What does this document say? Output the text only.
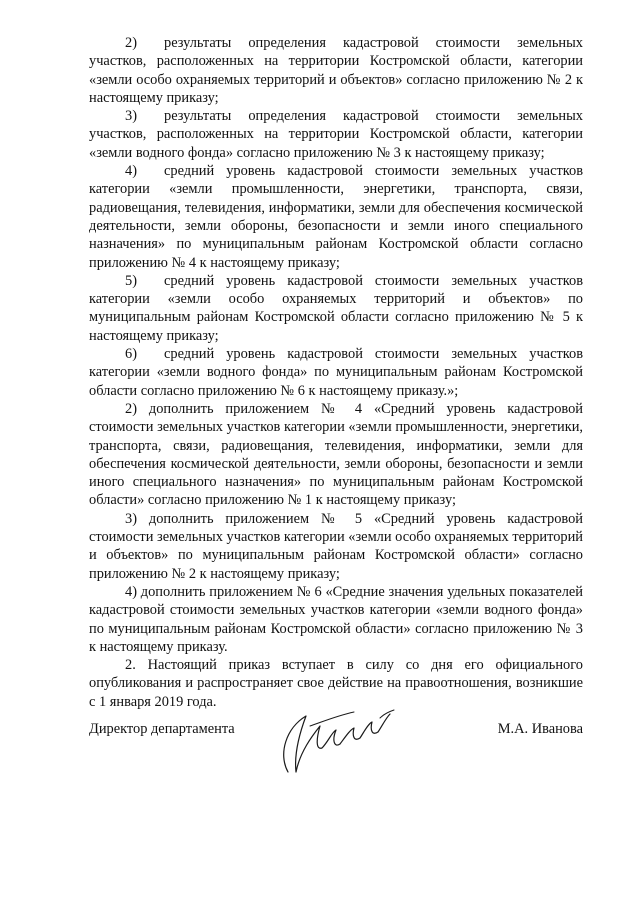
2) результаты определения кадастровой стоимости земельных участков, расположенных на территории Костромской области, категории «земли особо охраняемых территорий и объектов» согласно приложению № 2 к настоящему приказу;

3) результаты определения кадастровой стоимости земельных участков, расположенных на территории Костромской области, категории «земли водного фонда» согласно приложению № 3 к настоящему приказу;

4) средний уровень кадастровой стоимости земельных участков категории «земли промышленности, энергетики, транспорта, связи, радиовещания, телевидения, информатики, земли для обеспечения космической деятельности, земли обороны, безопасности и земли иного специального назначения» по муниципальным районам Костромской области согласно приложению № 4 к настоящему приказу;

5) средний уровень кадастровой стоимости земельных участков категории «земли особо охраняемых территорий и объектов» по муниципальным районам Костромской области согласно приложению № 5 к настоящему приказу;

6) средний уровень кадастровой стоимости земельных участков категории «земли водного фонда» по муниципальным районам Костромской области согласно приложению № 6 к настоящему приказу.»;

2) дополнить приложением № 4 «Средний уровень кадастровой стоимости земельных участков категории «земли промышленности, энергетики, транспорта, связи, радиовещания, телевидения, информатики, земли для обеспечения космической деятельности, земли обороны, безопасности и земли иного специального назначения» по муниципальным районам Костромской области» согласно приложению № 1 к настоящему приказу;

3) дополнить приложением № 5 «Средний уровень кадастровой стоимости земельных участков категории «земли особо охраняемых территорий и объектов» по муниципальным районам Костромской области» согласно приложению № 2 к настоящему приказу;

4) дополнить приложением № 6 «Средние значения удельных показателей кадастровой стоимости земельных участков категории «земли водного фонда» по муниципальным районам Костромской области» согласно приложению № 3 к настоящему приказу.

2. Настоящий приказ вступает в силу со дня его официального опубликования и распространяет свое действие на правоотношения, возникшие с 1 января 2019 года.

Директор департамента	М.А. Иванова
